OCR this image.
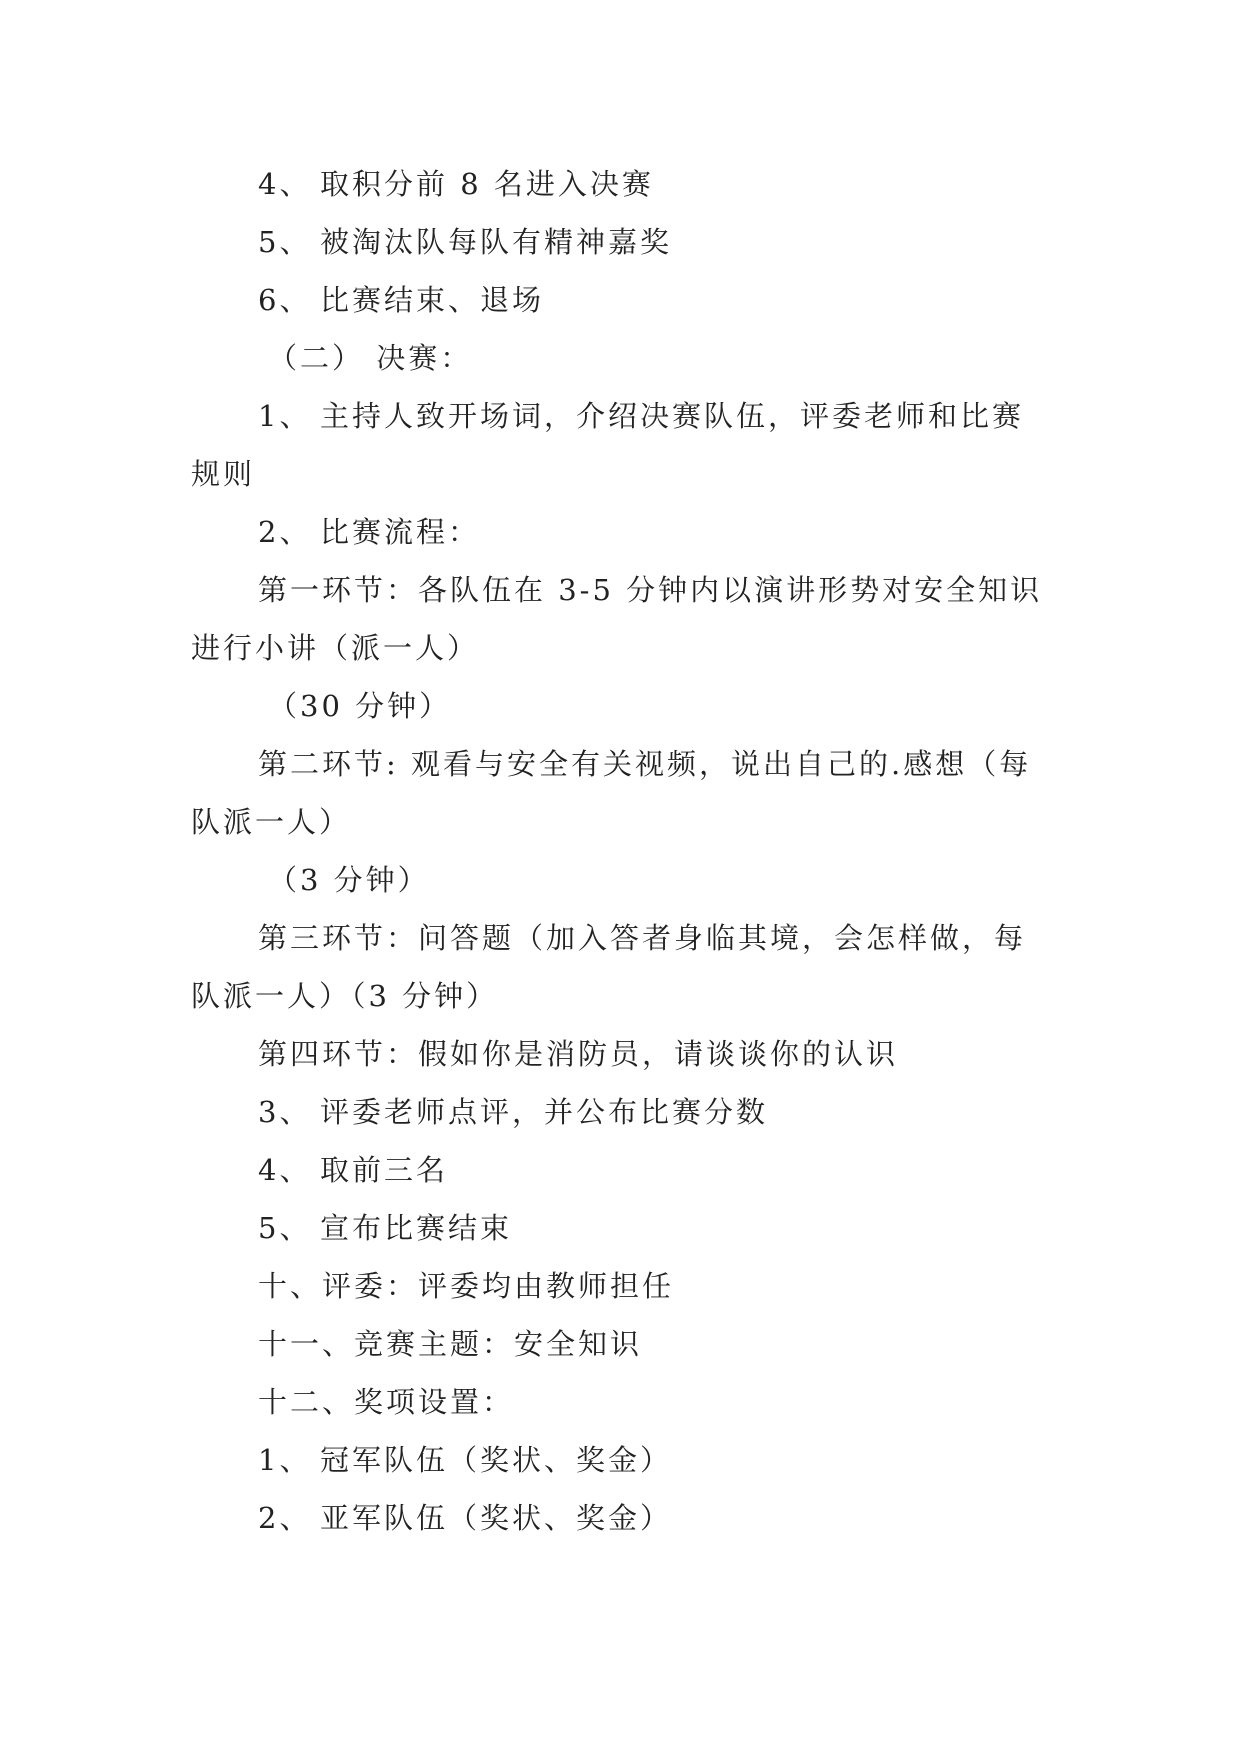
4、 取积分前 8 名进入决赛
5、 被淘汰队每队有精神嘉奖
6、 比赛结束、退场
（二） 决赛：
1、 主持人致开场词，介绍决赛队伍，评委老师和比赛
规则
2、 比赛流程：
第一环节：各队伍在 3-5 分钟内以演讲形势对安全知识
进行小讲（派一人）
（30 分钟）
第二环节: 观看与安全有关视频，说出自己的.感想（每
队派一人）
（3 分钟）
第三环节：问答题（加入答者身临其境，会怎样做，每
队派一人）（3 分钟）
第四环节：假如你是消防员，请谈谈你的认识
3、 评委老师点评，并公布比赛分数
4、 取前三名
5、 宣布比赛结束
十、评委：评委均由教师担任
十一、竞赛主题：安全知识
十二、奖项设置：
1、 冠军队伍（奖状、奖金）
2、 亚军队伍（奖状、奖金）
